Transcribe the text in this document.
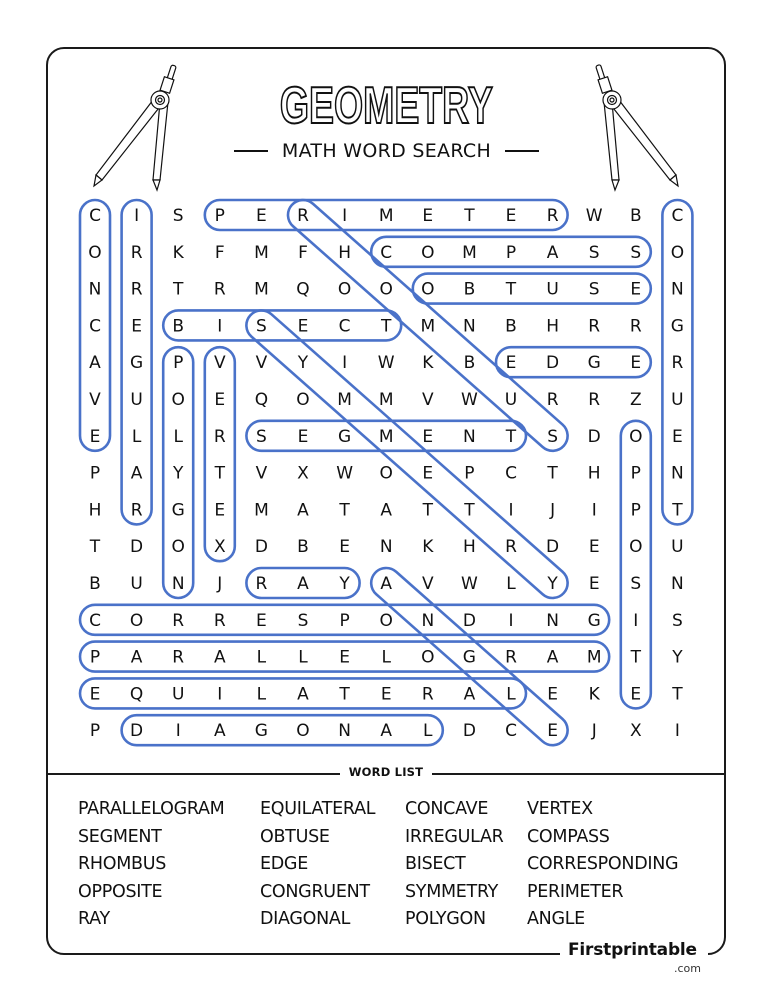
GEOMETRY
MATH WORD SEARCH
C I S P E R I M E T E R W B C
O R K F M F H C O M P A S S O
N R T R M Q O O O B T U S E N
C E B I S E C T M N B H R R G
A G P V V Y I W K B E D G E R
V U O E Q O M M V W U R R Z U
E L L R S E G M E N T S D O E
P A Y T V X W O E P C T H P N
H R G E M A T A T T I J I P T
T D O X D B E N K H R D E O U
B U N J R A Y A V W L Y E S N
C O R R E S P O N D I N G I S
P A R A L L E L O G R A M T Y
E Q U I L A T E R A L E K E T
P D I A G O N A L D C E J X I
WORD LIST
PARALLELOGRAM	EQUILATERAL	CONCAVE	VERTEX
SEGMENT	OBTUSE	IRREGULAR	COMPASS
RHOMBUS	EDGE	BISECT	CORRESPONDING
OPPOSITE	CONGRUENT	SYMMETRY	PERIMETER
RAY	DIAGONAL	POLYGON	ANGLE
Firstprintable
.com
